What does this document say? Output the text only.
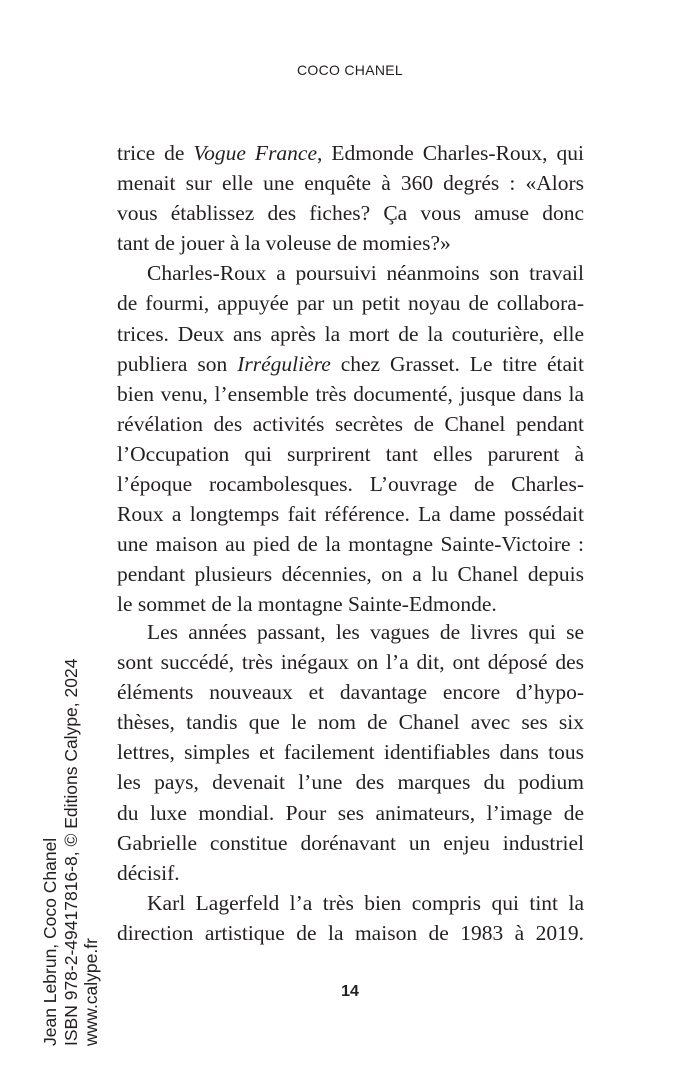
COCO CHANEL
trice de Vogue France, Edmonde Charles-Roux, qui
menait sur elle une enquête à 360 degrés : «Alors
vous établissez des fiches? Ça vous amuse donc
tant de jouer à la voleuse de momies?»
Charles-Roux a poursuivi néanmoins son travail
de fourmi, appuyée par un petit noyau de collabora-
trices. Deux ans après la mort de la couturière, elle
publiera son Irrégulière chez Grasset. Le titre était
bien venu, l’ensemble très documenté, jusque dans la
révélation des activités secrètes de Chanel pendant
l’Occupation qui surprirent tant elles parurent à
l’époque rocambolesques. L’ouvrage de Charles-
Roux a longtemps fait référence. La dame possédait
une maison au pied de la montagne Sainte-Victoire :
pendant plusieurs décennies, on a lu Chanel depuis
le sommet de la montagne Sainte-Edmonde.
Les années passant, les vagues de livres qui se
sont succédé, très inégaux on l’a dit, ont déposé des
éléments nouveaux et davantage encore d’hypo-
thèses, tandis que le nom de Chanel avec ses six
lettres, simples et facilement identifiables dans tous
les pays, devenait l’une des marques du podium
du luxe mondial. Pour ses animateurs, l’image de
Gabrielle constitue dorénavant un enjeu industriel
décisif.
Karl Lagerfeld l’a très bien compris qui tint la
direction artistique de la maison de 1983 à 2019.
14
Jean Lebrun, Coco Chanel ISBN 978-2-49417816-8, © Editions Calype, 2024 www.calype.fr
